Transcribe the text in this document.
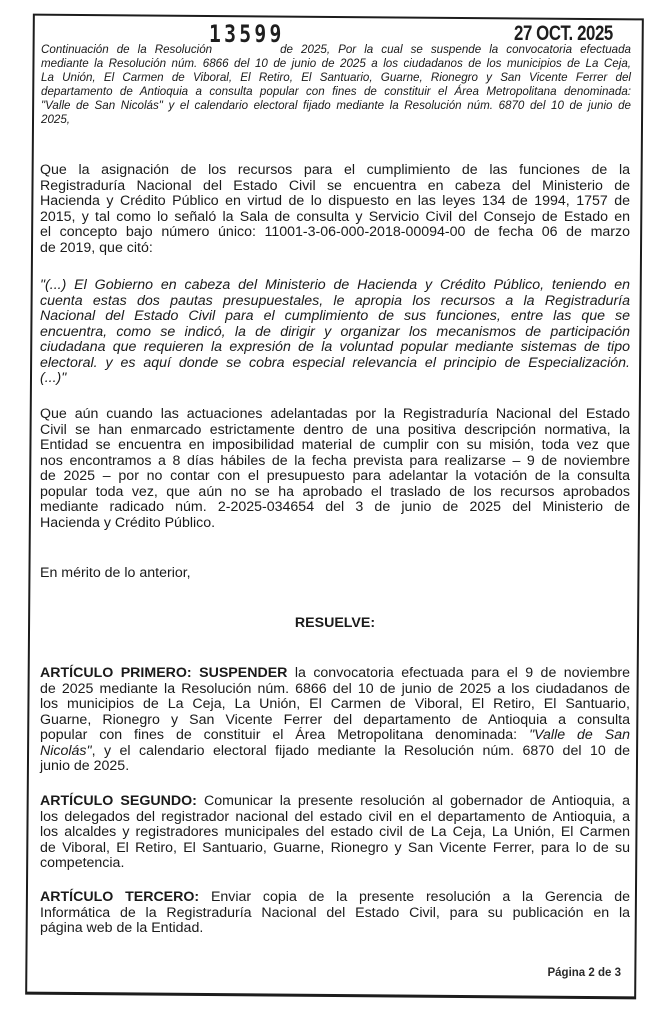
13599	27 OCT. 2025
Continuación de la Resolución	de 2025, Por la cual se suspende la convocatoria efectuada
mediante la Resolución núm. 6866 del 10 de junio de 2025 a los ciudadanos de los municipios de La Ceja,
La Unión, El Carmen de Viboral, El Retiro, El Santuario, Guarne, Rionegro y San Vicente Ferrer del
departamento de Antioquia a consulta popular con fines de constituir el Área Metropolitana denominada:
"Valle de San Nicolás" y el calendario electoral fijado mediante la Resolución núm. 6870 del 10 de junio de
2025,
Que la asignación de los recursos para el cumplimiento de las funciones de la
Registraduría Nacional del Estado Civil se encuentra en cabeza del Ministerio de
Hacienda y Crédito Público en virtud de lo dispuesto en las leyes 134 de 1994, 1757 de
2015, y tal como lo señaló la Sala de consulta y Servicio Civil del Consejo de Estado en
el concepto bajo número único: 11001-3-06-000-2018-00094-00 de fecha 06 de marzo
de 2019, que citó:
"(...) El Gobierno en cabeza del Ministerio de Hacienda y Crédito Público, teniendo en
cuenta estas dos pautas presupuestales, le apropia los recursos a la Registraduría
Nacional del Estado Civil para el cumplimiento de sus funciones, entre las que se
encuentra, como se indicó, la de dirigir y organizar los mecanismos de participación
ciudadana que requieren la expresión de la voluntad popular mediante sistemas de tipo
electoral. y es aquí donde se cobra especial relevancia el principio de Especialización.
(...)"
Que aún cuando las actuaciones adelantadas por la Registraduría Nacional del Estado
Civil se han enmarcado estrictamente dentro de una positiva descripción normativa, la
Entidad se encuentra en imposibilidad material de cumplir con su misión, toda vez que
nos encontramos a 8 días hábiles de la fecha prevista para realizarse – 9 de noviembre
de 2025 – por no contar con el presupuesto para adelantar la votación de la consulta
popular toda vez, que aún no se ha aprobado el traslado de los recursos aprobados
mediante radicado núm. 2-2025-034654 del 3 de junio de 2025 del Ministerio de
Hacienda y Crédito Público.
En mérito de lo anterior,
RESUELVE:
ARTÍCULO PRIMERO: SUSPENDER la convocatoria efectuada para el 9 de noviembre
de 2025 mediante la Resolución núm. 6866 del 10 de junio de 2025 a los ciudadanos de
los municipios de La Ceja, La Unión, El Carmen de Viboral, El Retiro, El Santuario,
Guarne, Rionegro y San Vicente Ferrer del departamento de Antioquia a consulta
popular con fines de constituir el Área Metropolitana denominada: "Valle de San
Nicolás", y el calendario electoral fijado mediante la Resolución núm. 6870 del 10 de
junio de 2025.
ARTÍCULO SEGUNDO: Comunicar la presente resolución al gobernador de Antioquia, a
los delegados del registrador nacional del estado civil en el departamento de Antioquia, a
los alcaldes y registradores municipales del estado civil de La Ceja, La Unión, El Carmen
de Viboral, El Retiro, El Santuario, Guarne, Rionegro y San Vicente Ferrer, para lo de su
competencia.
ARTÍCULO TERCERO: Enviar copia de la presente resolución a la Gerencia de
Informática de la Registraduría Nacional del Estado Civil, para su publicación en la
página web de la Entidad.
Página 2 de 3
